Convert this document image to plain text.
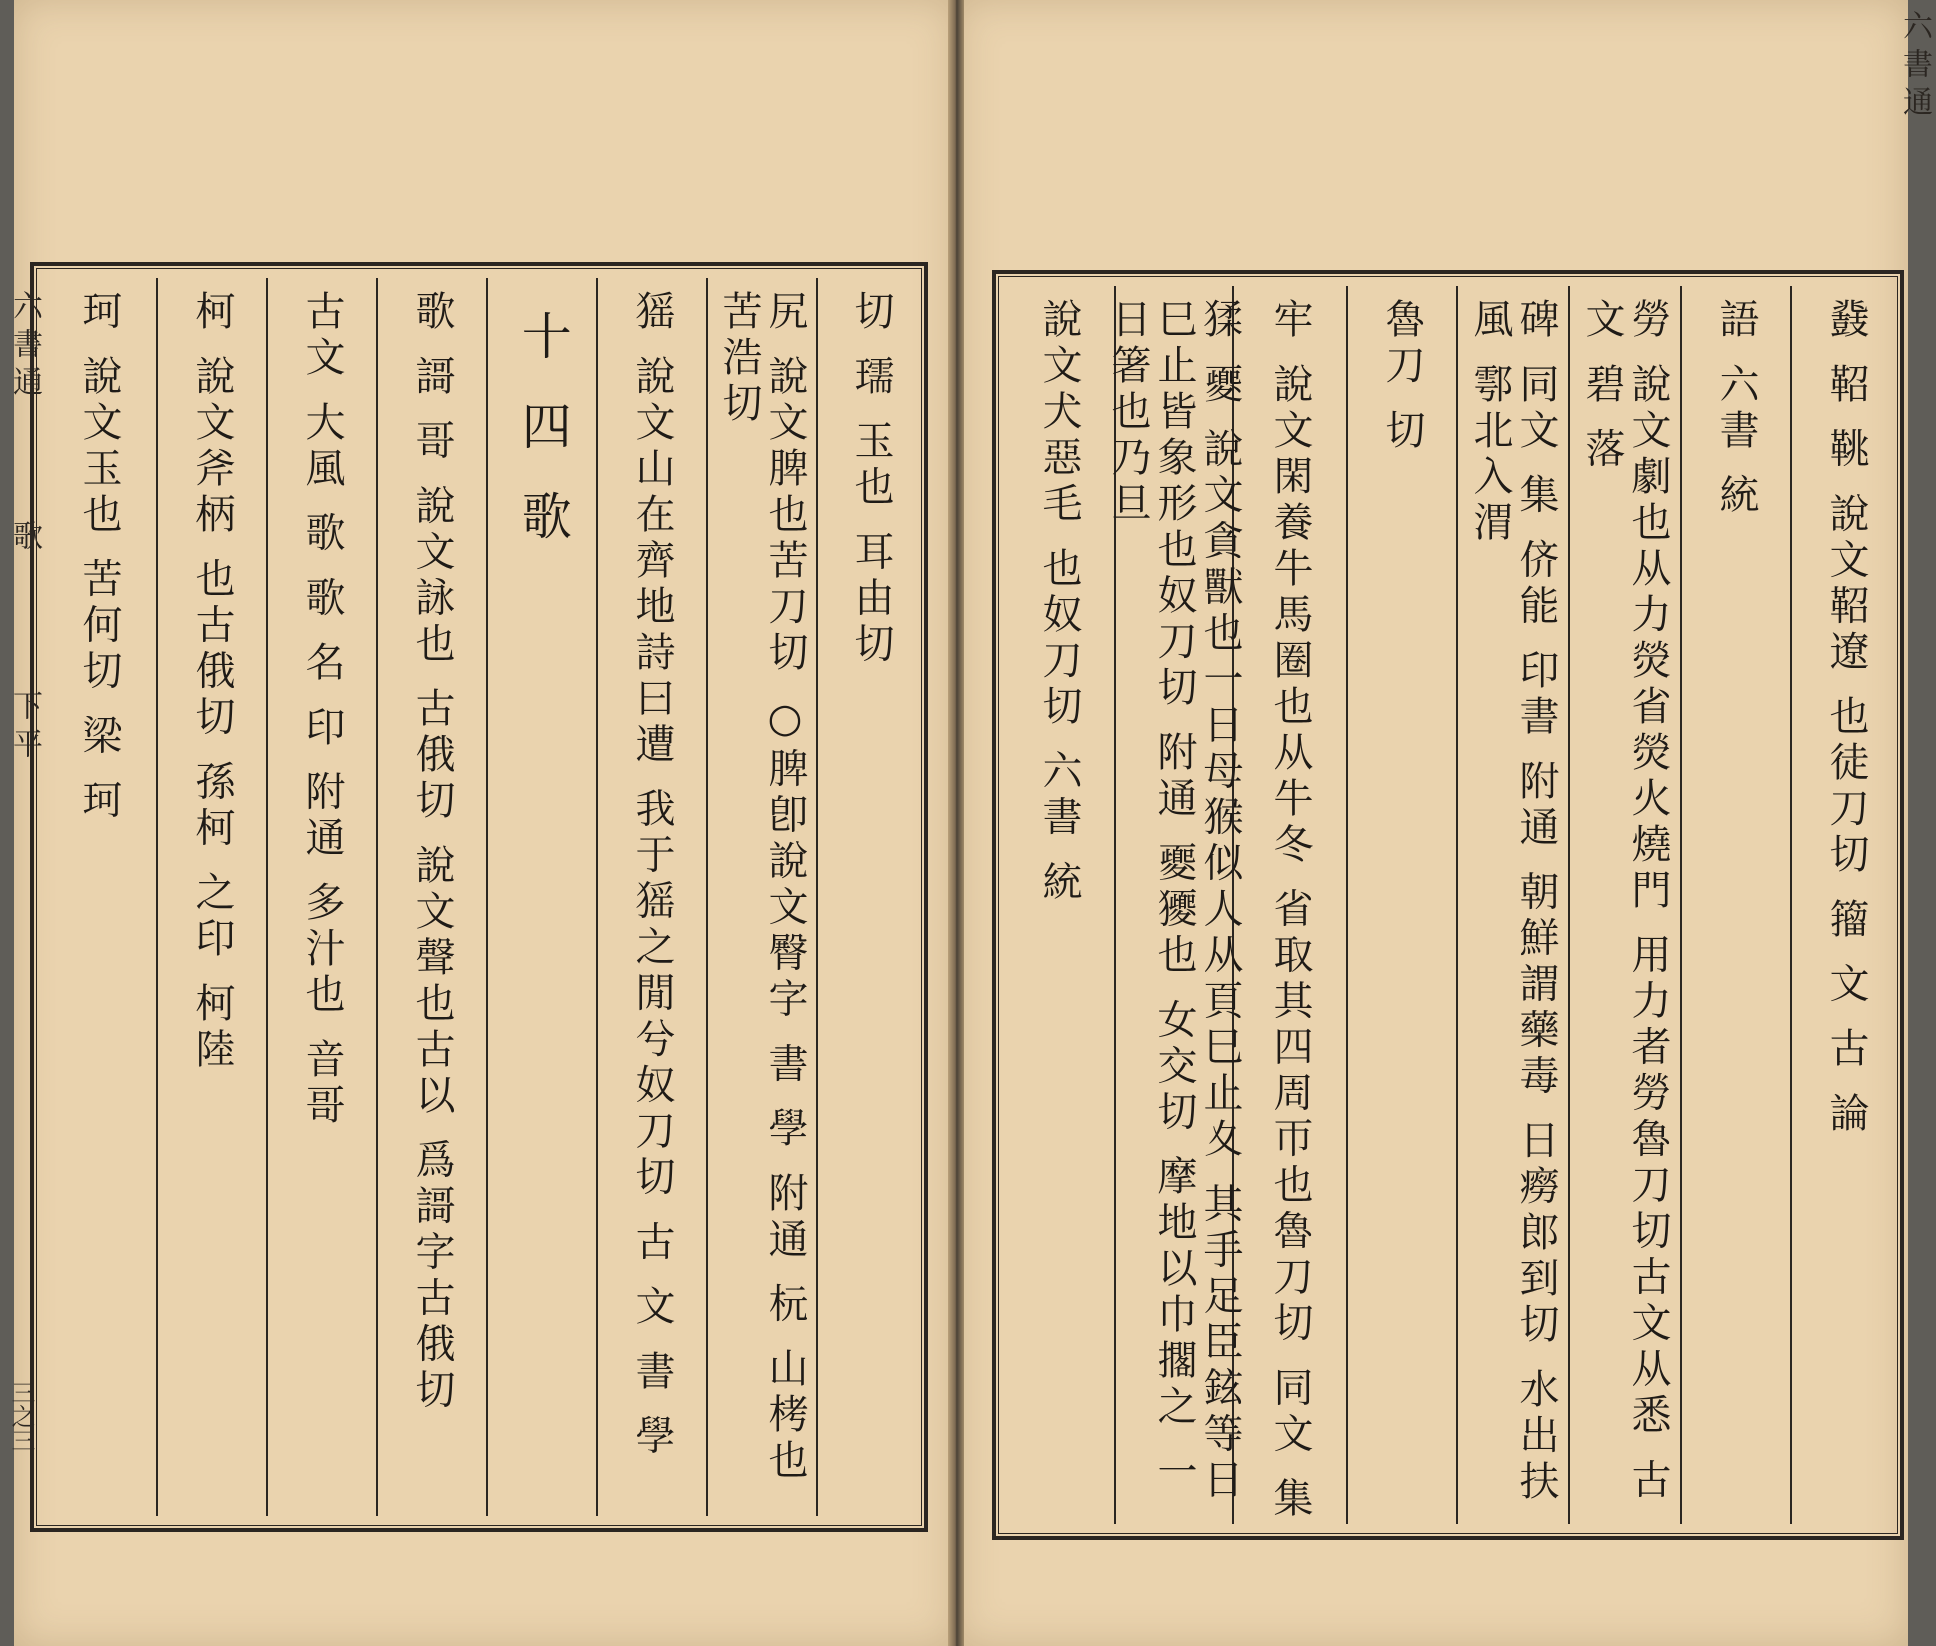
切 瓀 玉也 耳由切
尻 說文脾也苦刀切 ○脾卽說文臀字 書 學 附通 杬 山栲也 苦浩切
猺 說文山在齊地詩曰遭 我于猺之閒兮奴刀切 古 文 書 學
十四歌
歌 謌 哥 說文詠也 古俄切 說文聲也古以 爲謌字古俄切
古文 大風 歌 歌 名 印 附通 多汁也 音哥
柯 說文斧柄 也古俄切 孫柯 之印 柯陸
珂 說文玉也 苦何切 梁 珂
六書通
歌
下平
三之三
鼗 鞀 鞉 說文鞀遼 也徒刀切 籀 文 古 論
語 六書 統
勞 說文劇也从力熒省熒火燒門 用力者勞魯刀切古文从悉 古 文 碧 落
碑 同文 集 侪能 印書 附通 朝鮮謂藥毒 日癆郎到切 水出扶風 鄠北入渭
魯刀 切
牢 說文閑養牛馬圈也从牛冬 省取其四周帀也魯刀切 同文 集
猱 夒 說文貪獸也一日母猴似人从頁巳止夊 其手足臣鉉等日巳止皆象形也奴刀切 附通 夒獿也 女交切 摩地以巾擱之 一日箸也乃旦
說文犬惡毛 也奴刀切 六書 統
六書通
